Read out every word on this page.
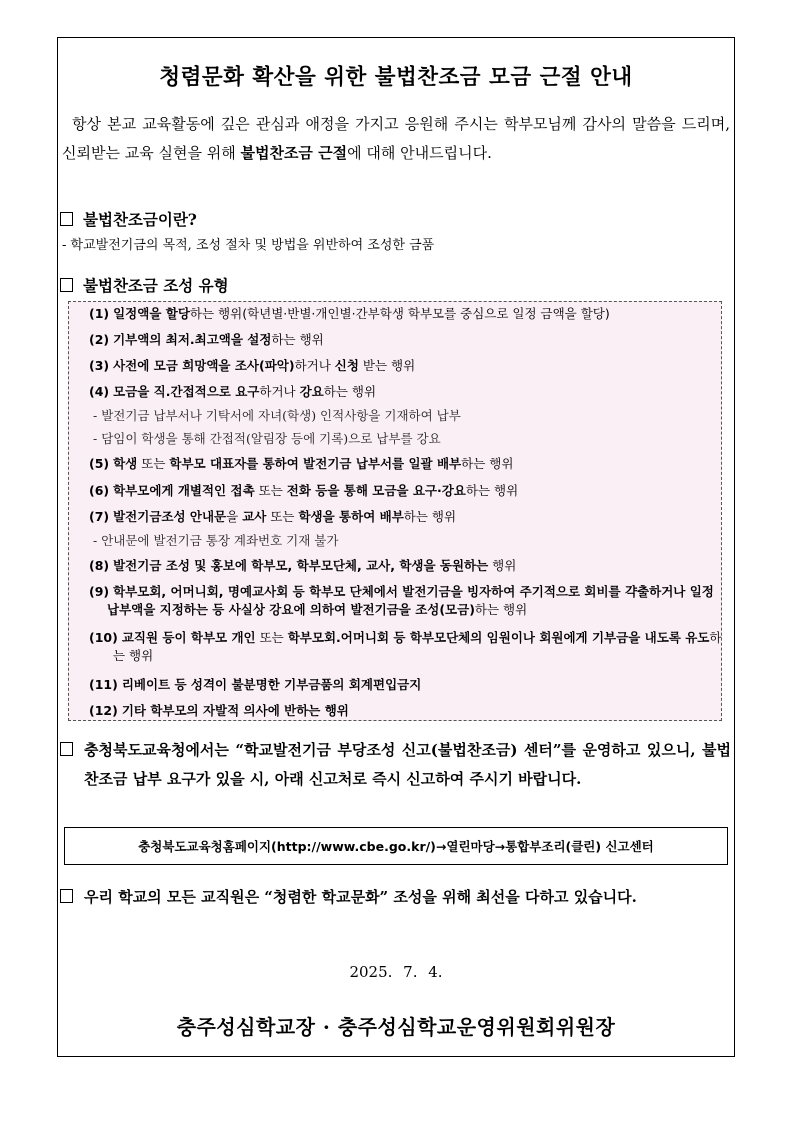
청렴문화 확산을 위한 불법찬조금 모금 근절 안내
항상 본교 교육활동에 깊은 관심과 애정을 가지고 응원해 주시는 학부모님께 감사의 말씀을 드리며, 신뢰받는 교육 실현을 위해 불법찬조금 근절에 대해 안내드립니다.
불법찬조금이란?
- 학교발전기금의 목적, 조성 절차 및 방법을 위반하여 조성한 금품
불법찬조금 조성 유형
(1) 일정액을 할당하는 행위(학년별·반별·개인별·간부학생 학부모를 중심으로 일정 금액을 할당)
(2) 기부액의 최저.최고액을 설정하는 행위
(3) 사전에 모금 희망액을 조사(파악)하거나 신청 받는 행위
(4) 모금을 직.간접적으로 요구하거나 강요하는 행위
- 발전기금 납부서나 기탁서에 자녀(학생) 인적사항을 기재하여 납부
- 담임이 학생을 통해 간접적(알림장 등에 기록)으로 납부를 강요
(5) 학생 또는 학부모 대표자를 통하여 발전기금 납부서를 일괄 배부하는 행위
(6) 학부모에게 개별적인 접촉 또는 전화 등을 통해 모금을 요구·강요하는 행위
(7) 발전기금조성 안내문을 교사 또는 학생을 통하여 배부하는 행위
- 안내문에 발전기금 통장 계좌번호 기재 불가
(8) 발전기금 조성 및 홍보에 학부모, 학부모단체, 교사, 학생을 동원하는 행위
(9) 학부모회, 어머니회, 명예교사회 등 학부모 단체에서 발전기금을 빙자하여 주기적으로 회비를 갹출하거나 일정 납부액을 지정하는 등 사실상 강요에 의하여 발전기금을 조성(모금)하는 행위
(10) 교직원 등이 학부모 개인 또는 학부모회.어머니회 등 학부모단체의 임원이나 회원에게 기부금을 내도록 유도하는 행위
(11) 리베이트 등 성격이 불분명한 기부금품의 회계편입금지
(12) 기타 학부모의 자발적 의사에 반하는 행위
충청북도교육청에서는 “학교발전기금 부당조성 신고(불법찬조금) 센터”를 운영하고 있으니, 불법찬조금 납부 요구가 있을 시, 아래 신고처로 즉시 신고하여 주시기 바랍니다.
충청북도교육청홈페이지(http://www.cbe.go.kr/)→열린마당→통합부조리(클린) 신고센터
우리 학교의 모든 교직원은 “청렴한 학교문화” 조성을 위해 최선을 다하고 있습니다.
2025. 7. 4.
충주성심학교장 · 충주성심학교운영위원회위원장
